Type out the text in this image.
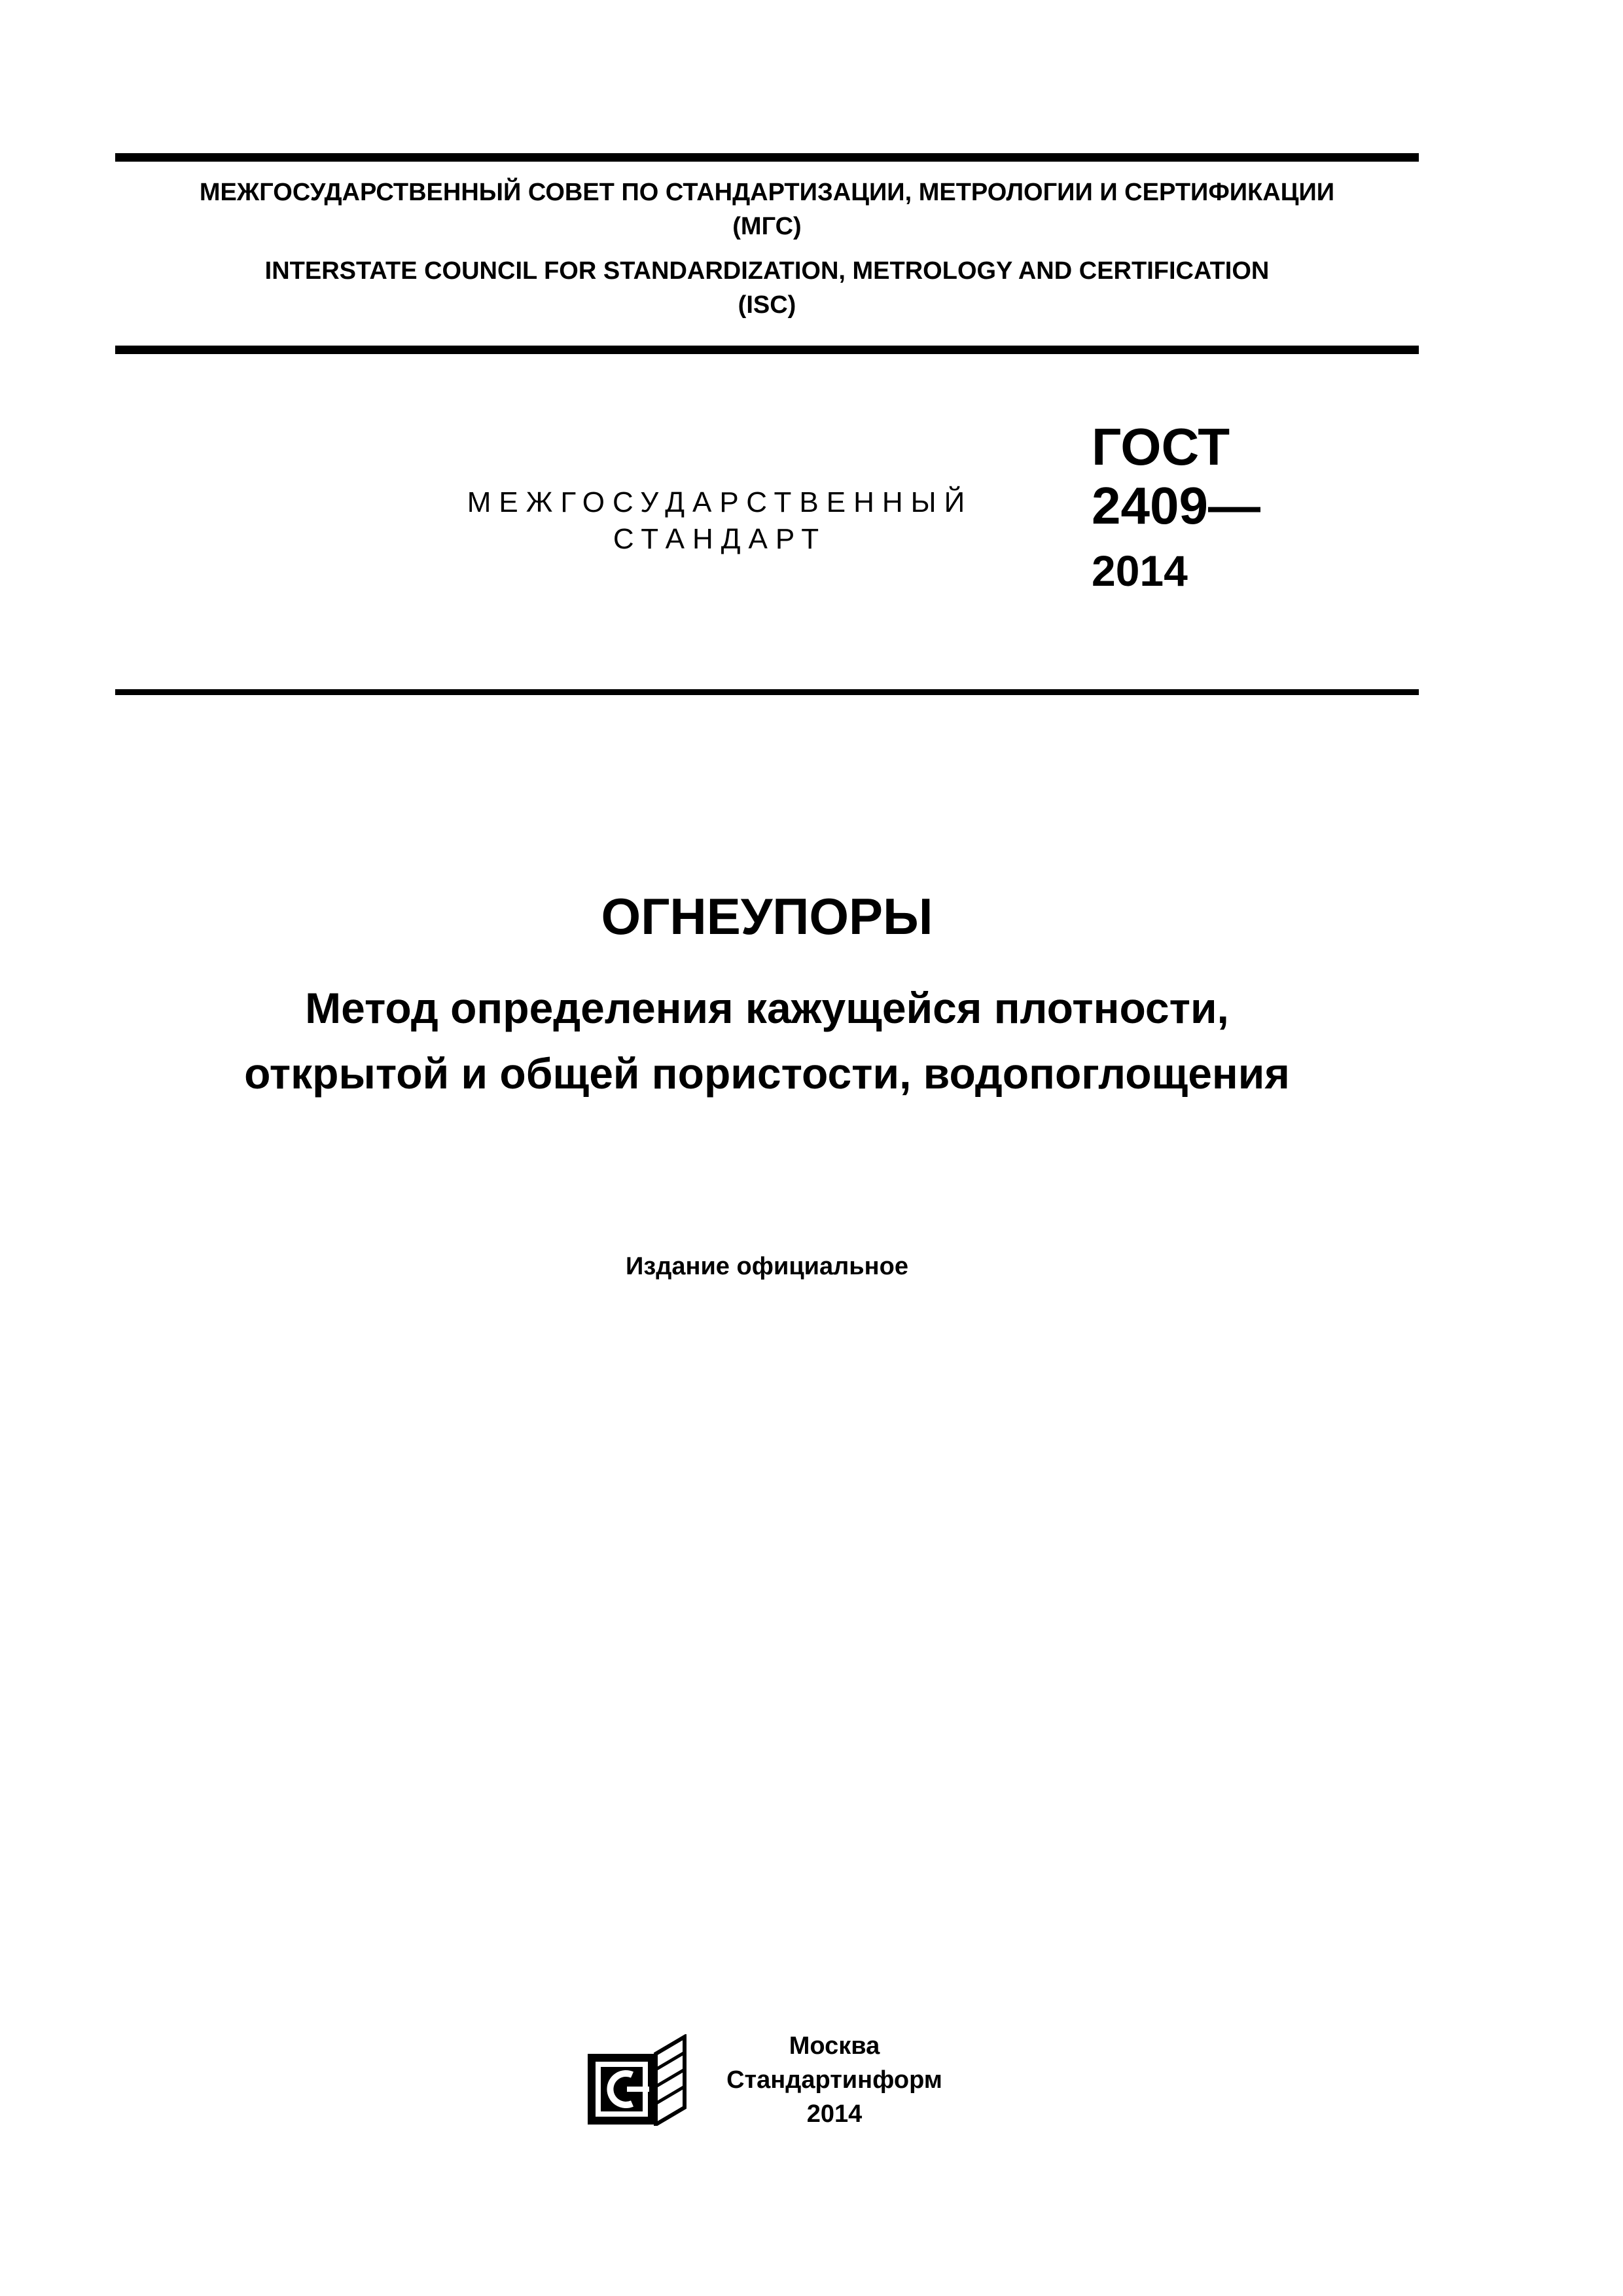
МЕЖГОСУДАРСТВЕННЫЙ СОВЕТ ПО СТАНДАРТИЗАЦИИ, МЕТРОЛОГИИ И СЕРТИФИКАЦИИ
(МГС)
INTERSTATE COUNCIL FOR STANDARDIZATION, METROLOGY AND CERTIFICATION
(ISC)
МЕЖГОСУДАРСТВЕННЫЙ
СТАНДАРТ
ГОСТ
2409—
2014
ОГНЕУПОРЫ
Метод определения кажущейся плотности,
открытой и общей пористости, водопоглощения
Издание официальное
Москва
Стандартинформ
2014
